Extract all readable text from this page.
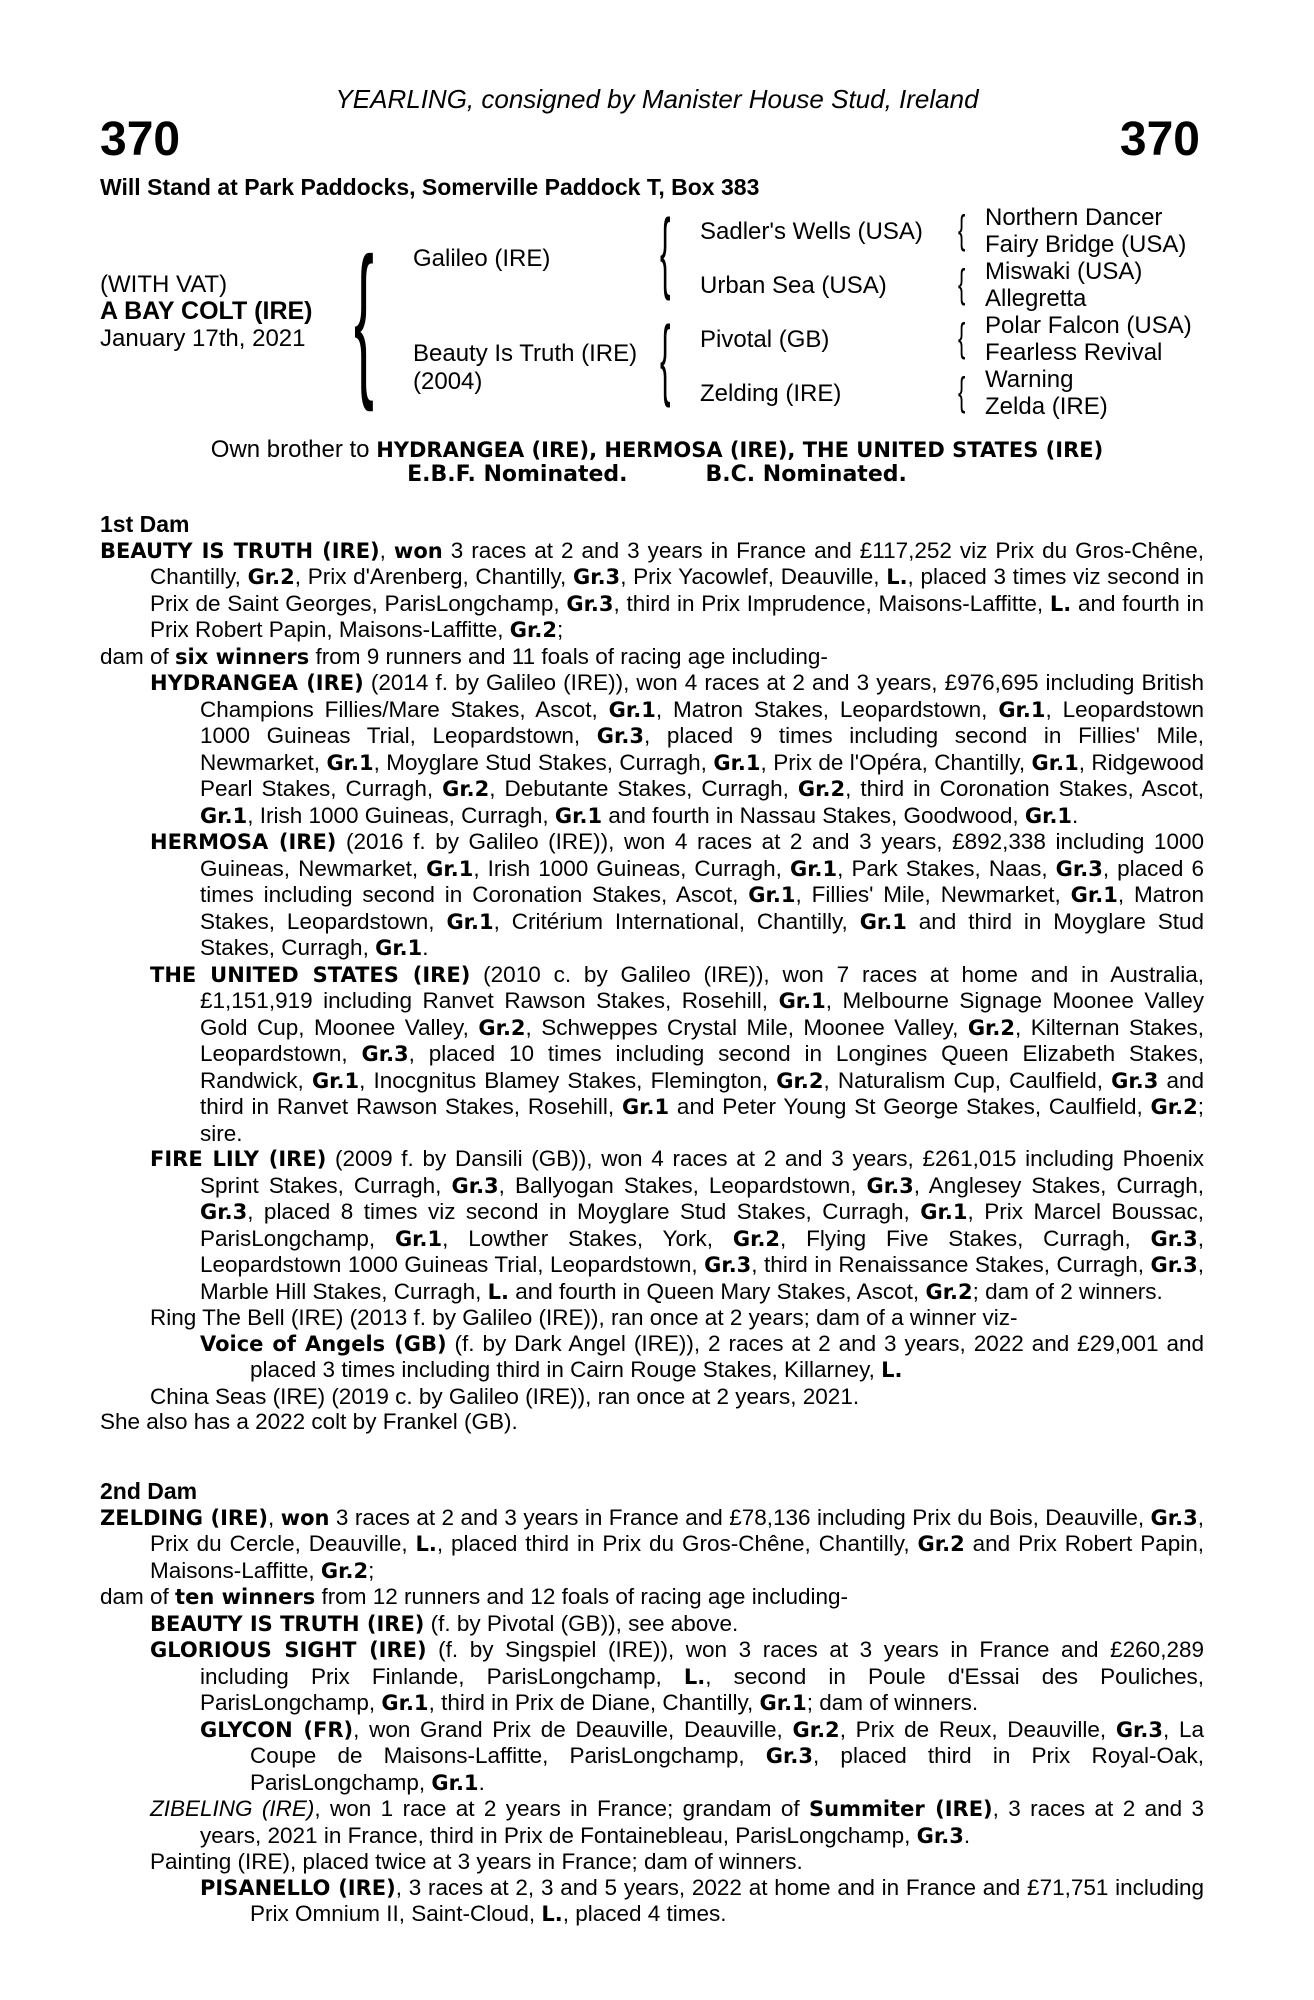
YEARLING, consigned by Manister House Stud, Ireland
370	370
Will Stand at Park Paddocks, Somerville Paddock T, Box 383
(WITH VAT)
A BAY COLT (IRE)
January 17th, 2021 { Galileo (IRE)
Beauty Is Truth (IRE)
(2004)
{
{
Sadler's Wells (USA)
Urban Sea (USA)
Pivotal (GB)
Zelding (IRE)
{
{
{
{
Northern Dancer
Fairy Bridge (USA)
Miswaki (USA)
Allegretta
Polar Falcon (USA)
Fearless Revival
Warning
Zelda (IRE)
Own brother to HYDRANGEA (IRE), HERMOSA (IRE), THE UNITED STATES (IRE)
E.B.F. Nominated.	B.C. Nominated.

1st Dam

BEAUTY IS TRUTH (IRE), won 3 races at 2 and 3 years in France and £117,252 viz Prix du Gros-Chêne, Chantilly, Gr.2, Prix d'Arenberg, Chantilly, Gr.3, Prix Yacowlef, Deauville, L., placed 3 times viz second in Prix de Saint Georges, ParisLongchamp, Gr.3, third in Prix Imprudence, Maisons-Laffitte, L. and fourth in Prix Robert Papin, Maisons-Laffitte, Gr.2;

dam of six winners from 9 runners and 11 foals of racing age including-

HYDRANGEA (IRE) (2014 f. by Galileo (IRE)), won 4 races at 2 and 3 years, £976,695 including British Champions Fillies/Mare Stakes, Ascot, Gr.1, Matron Stakes, Leopardstown, Gr.1, Leopardstown 1000 Guineas Trial, Leopardstown, Gr.3, placed 9 times including second in Fillies' Mile, Newmarket, Gr.1, Moyglare Stud Stakes, Curragh, Gr.1, Prix de l'Opéra, Chantilly, Gr.1, Ridgewood Pearl Stakes, Curragh, Gr.2, Debutante Stakes, Curragh, Gr.2, third in Coronation Stakes, Ascot, Gr.1, Irish 1000 Guineas, Curragh, Gr.1 and fourth in Nassau Stakes, Goodwood, Gr.1.

HERMOSA (IRE) (2016 f. by Galileo (IRE)), won 4 races at 2 and 3 years, £892,338 including 1000 Guineas, Newmarket, Gr.1, Irish 1000 Guineas, Curragh, Gr.1, Park Stakes, Naas, Gr.3, placed 6 times including second in Coronation Stakes, Ascot, Gr.1, Fillies' Mile, Newmarket, Gr.1, Matron Stakes, Leopardstown, Gr.1, Critérium International, Chantilly, Gr.1 and third in Moyglare Stud Stakes, Curragh, Gr.1.

THE UNITED STATES (IRE) (2010 c. by Galileo (IRE)), won 7 races at home and in Australia, £1,151,919 including Ranvet Rawson Stakes, Rosehill, Gr.1, Melbourne Signage Moonee Valley Gold Cup, Moonee Valley, Gr.2, Schweppes Crystal Mile, Moonee Valley, Gr.2, Kilternan Stakes, Leopardstown, Gr.3, placed 10 times including second in Longines Queen Elizabeth Stakes, Randwick, Gr.1, Inocgnitus Blamey Stakes, Flemington, Gr.2, Naturalism Cup, Caulfield, Gr.3 and third in Ranvet Rawson Stakes, Rosehill, Gr.1 and Peter Young St George Stakes, Caulfield, Gr.2; sire.

FIRE LILY (IRE) (2009 f. by Dansili (GB)), won 4 races at 2 and 3 years, £261,015 including Phoenix Sprint Stakes, Curragh, Gr.3, Ballyogan Stakes, Leopardstown, Gr.3, Anglesey Stakes, Curragh, Gr.3, placed 8 times viz second in Moyglare Stud Stakes, Curragh, Gr.1, Prix Marcel Boussac, ParisLongchamp, Gr.1, Lowther Stakes, York, Gr.2, Flying Five Stakes, Curragh, Gr.3, Leopardstown 1000 Guineas Trial, Leopardstown, Gr.3, third in Renaissance Stakes, Curragh, Gr.3, Marble Hill Stakes, Curragh, L. and fourth in Queen Mary Stakes, Ascot, Gr.2; dam of 2 winners.

Ring The Bell (IRE) (2013 f. by Galileo (IRE)), ran once at 2 years; dam of a winner viz-

Voice of Angels (GB) (f. by Dark Angel (IRE)), 2 races at 2 and 3 years, 2022 and £29,001 and placed 3 times including third in Cairn Rouge Stakes, Killarney, L.

China Seas (IRE) (2019 c. by Galileo (IRE)), ran once at 2 years, 2021.

She also has a 2022 colt by Frankel (GB).

2nd Dam

ZELDING (IRE), won 3 races at 2 and 3 years in France and £78,136 including Prix du Bois, Deauville, Gr.3, Prix du Cercle, Deauville, L., placed third in Prix du Gros-Chêne, Chantilly, Gr.2 and Prix Robert Papin, Maisons-Laffitte, Gr.2;

dam of ten winners from 12 runners and 12 foals of racing age including-

BEAUTY IS TRUTH (IRE) (f. by Pivotal (GB)), see above.

GLORIOUS SIGHT (IRE) (f. by Singspiel (IRE)), won 3 races at 3 years in France and £260,289 including Prix Finlande, ParisLongchamp, L., second in Poule d'Essai des Pouliches, ParisLongchamp, Gr.1, third in Prix de Diane, Chantilly, Gr.1; dam of winners.

GLYCON (FR), won Grand Prix de Deauville, Deauville, Gr.2, Prix de Reux, Deauville, Gr.3, La Coupe de Maisons-Laffitte, ParisLongchamp, Gr.3, placed third in Prix Royal-Oak, ParisLongchamp, Gr.1.

ZIBELING (IRE), won 1 race at 2 years in France; grandam of Summiter (IRE), 3 races at 2 and 3 years, 2021 in France, third in Prix de Fontainebleau, ParisLongchamp, Gr.3.

Painting (IRE), placed twice at 3 years in France; dam of winners.

PISANELLO (IRE), 3 races at 2, 3 and 5 years, 2022 at home and in France and £71,751 including Prix Omnium II, Saint-Cloud, L., placed 4 times.
